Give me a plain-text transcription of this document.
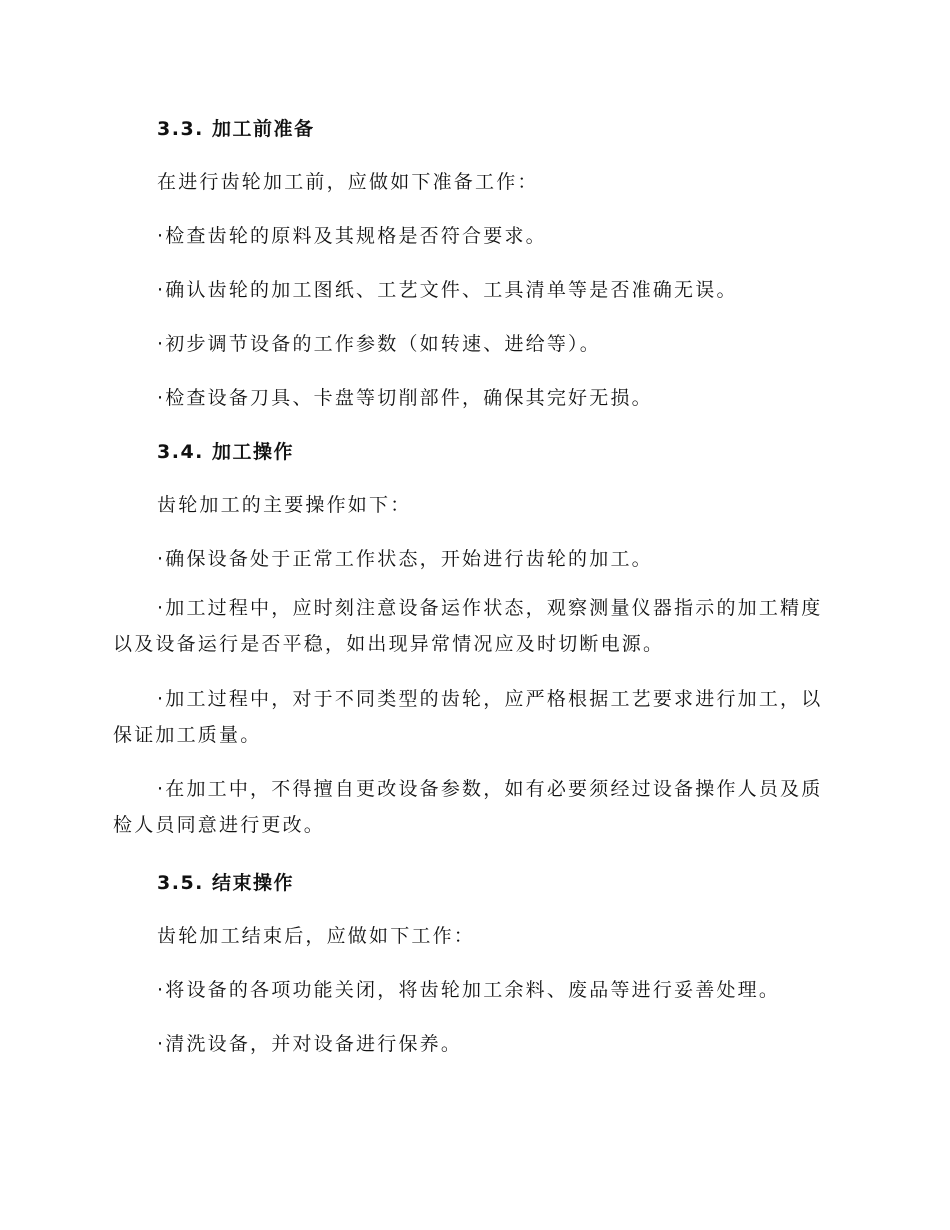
3.3. 加工前准备
在进行齿轮加工前，应做如下准备工作：
·检查齿轮的原料及其规格是否符合要求。
·确认齿轮的加工图纸、工艺文件、工具清单等是否准确无误。
·初步调节设备的工作参数（如转速、进给等）。
·检查设备刀具、卡盘等切削部件，确保其完好无损。
3.4. 加工操作
齿轮加工的主要操作如下：
·确保设备处于正常工作状态，开始进行齿轮的加工。
·加工过程中，应时刻注意设备运作状态，观察测量仪器指示的加工精度以及设备运行是否平稳，如出现异常情况应及时切断电源。
·加工过程中，对于不同类型的齿轮，应严格根据工艺要求进行加工，以保证加工质量。
·在加工中，不得擅自更改设备参数，如有必要须经过设备操作人员及质检人员同意进行更改。
3.5. 结束操作
齿轮加工结束后，应做如下工作：
·将设备的各项功能关闭，将齿轮加工余料、废品等进行妥善处理。
·清洗设备，并对设备进行保养。
